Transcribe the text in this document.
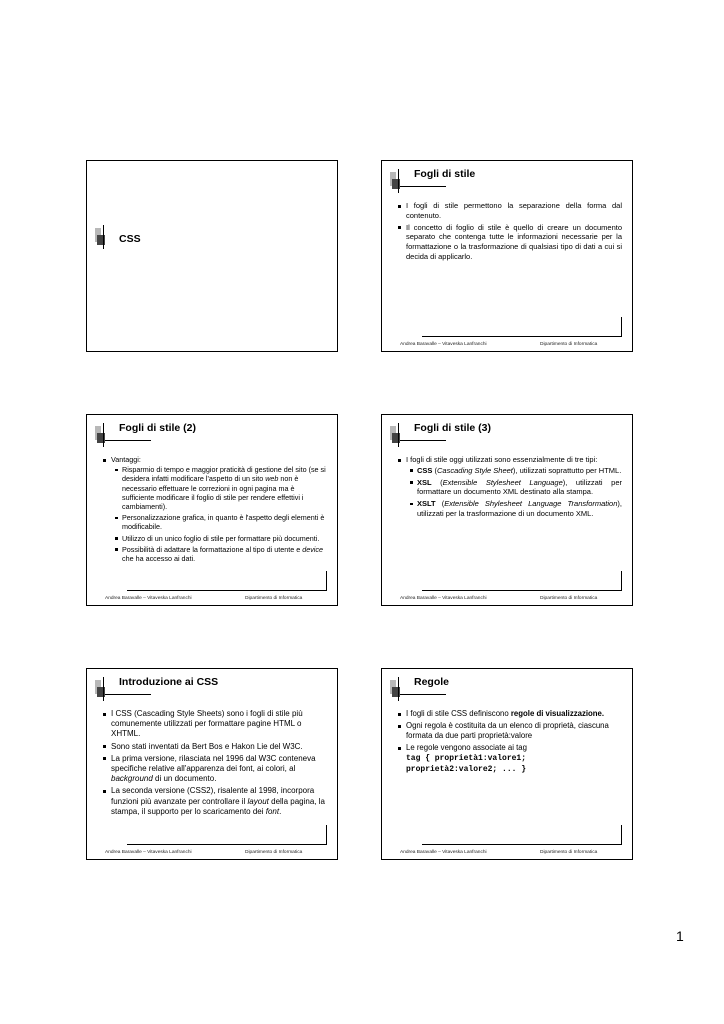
CSS
Fogli di stile
I fogli di stile permettono la separazione della forma dal contenuto.
Il concetto di foglio di stile è quello di creare un documento separato che contenga tutte le informazioni necessarie per la formattazione o la trasformazione di qualsiasi tipo di dati a cui si decida di applicarlo.
Andrea Baravalle – Vitaveska Lanfranchi	Dipartimento di Informatica
Fogli di stile (2)
Vantaggi:
Risparmio di tempo e maggior praticità di gestione del sito (se si desidera infatti modificare l'aspetto di un sito web non è necessario effettuare le correzioni in ogni pagina ma è sufficiente modificare il foglio di stile per rendere effettivi i cambiamenti).
Personalizzazione grafica, in quanto è l'aspetto degli elementi è modificabile.
Utilizzo di un unico foglio di stile per formattare più documenti.
Possibilità di adattare la formattazione al tipo di utente e device che ha accesso ai dati.
Andrea Baravalle – Vitaveska Lanfranchi	Dipartimento di Informatica
Fogli di stile (3)
I fogli di stile oggi utilizzati sono essenzialmente di tre tipi:
CSS (Cascading Style Sheet), utilizzati soprattutto per HTML.
XSL (Extensible Stylesheet Language), utilizzati per formattare un documento XML destinato alla stampa.
XSLT (Extensible Shylesheet Language Transformation), utilizzati per la trasformazione di un documento XML.
Andrea Baravalle – Vitaveska Lanfranchi	Dipartimento di Informatica
Introduzione ai CSS
I CSS (Cascading Style Sheets) sono i fogli di stile più comunemente utilizzati per formattare pagine HTML o XHTML.
Sono stati inventati da Bert Bos e Hakon Lie del W3C.
La prima versione, rilasciata nel 1996 dal W3C conteneva specifiche relative all'apparenza dei font, ai colori, al background di un documento.
La seconda versione (CSS2), risalente al 1998, incorpora funzioni più avanzate per controllare il layout della pagina, la stampa, il supporto per lo scaricamento dei font.
Andrea Baravalle – Vitaveska Lanfranchi	Dipartimento di Informatica
Regole
I fogli di stile CSS definiscono regole di visualizzazione.
Ogni regola è costituita da un elenco di proprietà, ciascuna formata da due parti proprietà:valore
Le regole vengono associate ai tag
tag { proprietà1:valore1;
proprietà2:valore2; ... }
Andrea Baravalle – Vitaveska Lanfranchi	Dipartimento di Informatica
1
